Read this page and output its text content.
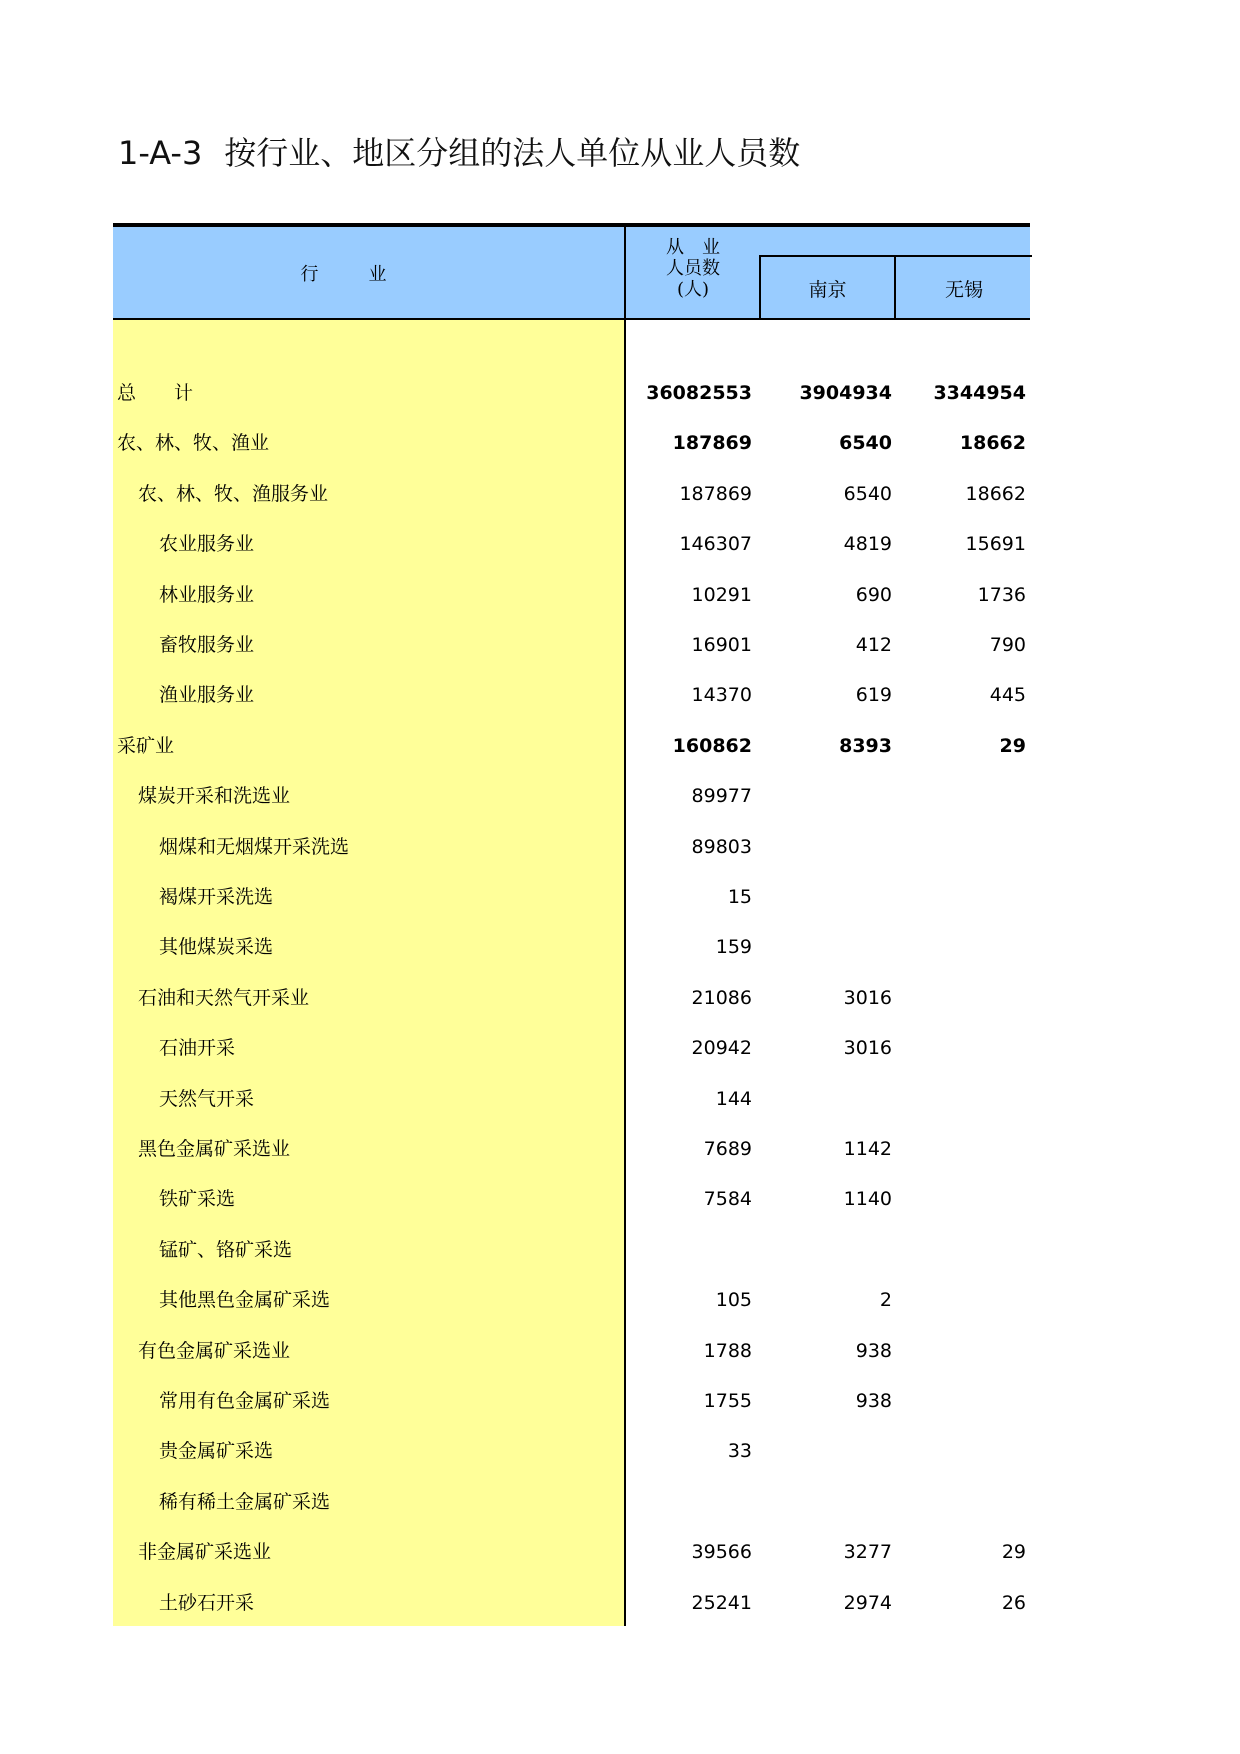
1-A-3 按行业、地区分组的法人单位从业人员数
行业
从　业
人员数
(人)	南京	无锡
总　　计	36082553	3904934	3344954
农、林、牧、渔业	187869	6540	18662
农、林、牧、渔服务业	187869	6540	18662
农业服务业	146307	4819	15691
林业服务业	10291	690	1736
畜牧服务业	16901	412	790
渔业服务业	14370	619	445
采矿业	160862	8393	29
煤炭开采和洗选业	89977
烟煤和无烟煤开采洗选	89803
褐煤开采洗选	15
其他煤炭采选	159
石油和天然气开采业	21086	3016
石油开采	20942	3016
天然气开采	144
黑色金属矿采选业	7689	1142
铁矿采选	7584	1140
锰矿、铬矿采选
其他黑色金属矿采选	105	2
有色金属矿采选业	1788	938
常用有色金属矿采选	1755	938
贵金属矿采选	33
稀有稀土金属矿采选
非金属矿采选业	39566	3277	29
土砂石开采	25241	2974	26
